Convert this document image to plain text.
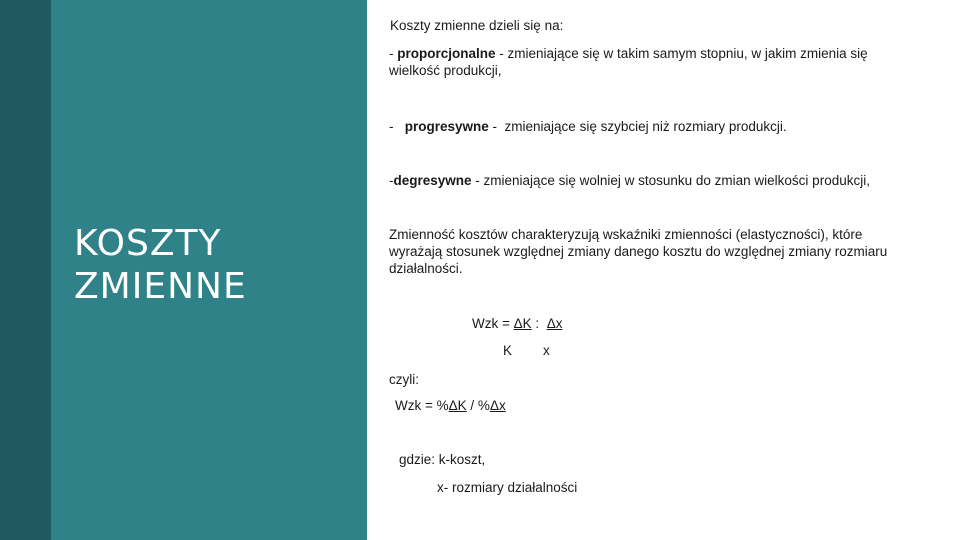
KOSZTY
ZMIENNE
Koszty zmienne dzieli się na:
- proporcjonalne - zmieniające się w takim samym stopniu, w jakim zmienia się wielkość produkcji,
-   progresywne -  zmieniające się szybciej niż rozmiary produkcji.
-degresywne - zmieniające się wolniej w stosunku do zmian wielkości produkcji,
Zmienność kosztów charakteryzują wskaźniki zmienności (elastyczności), które wyrażają stosunek względnej zmiany danego kosztu do względnej zmiany rozmiaru działalności.
Wzk = ΔK :  Δx
K x
czyli:
Wzk = %ΔK / %Δx
gdzie: k-koszt,
x- rozmiary działalności
